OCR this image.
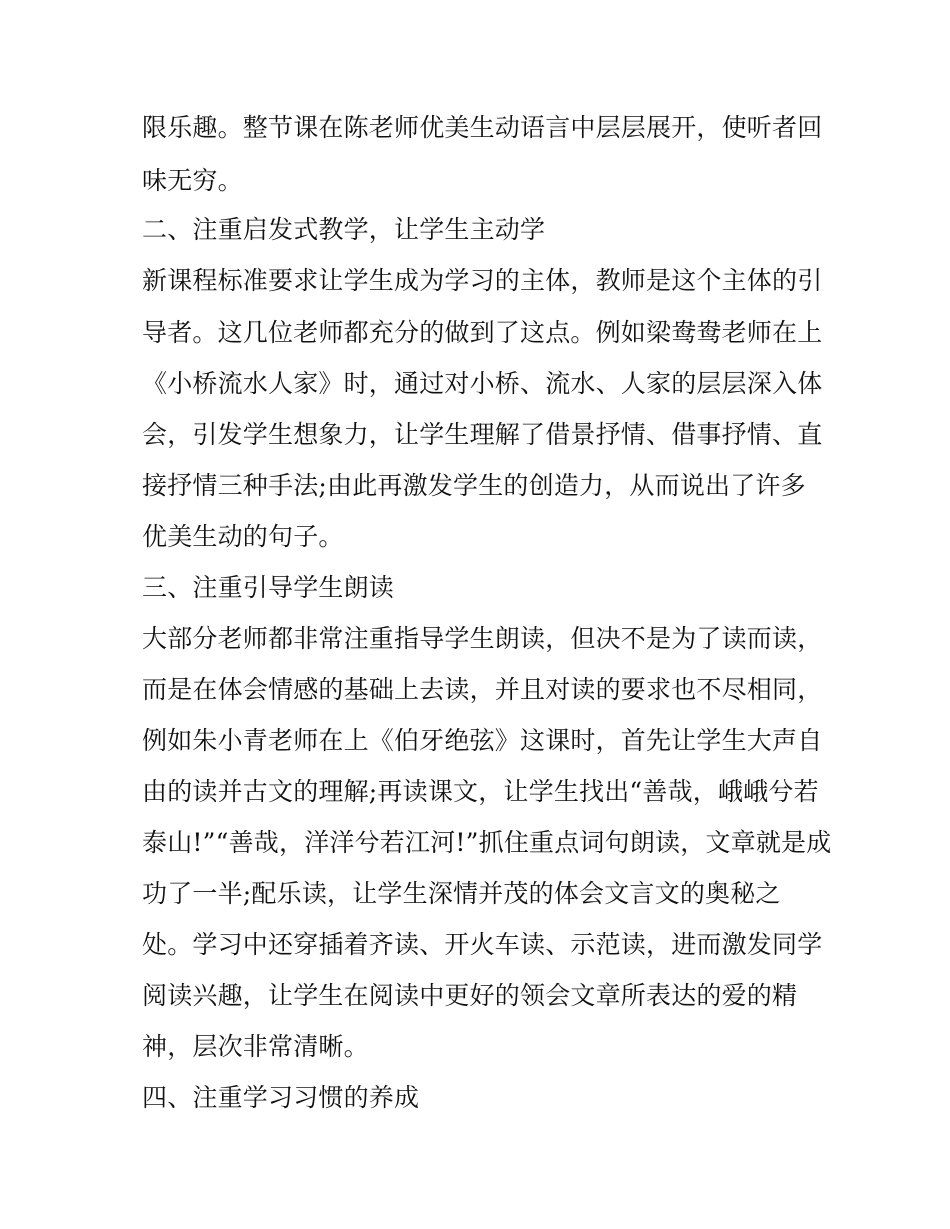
限乐趣。整节课在陈老师优美生动语言中层层展开，使听者回
味无穷。
二、注重启发式教学，让学生主动学
新课程标准要求让学生成为学习的主体，教师是这个主体的引
导者。这几位老师都充分的做到了这点。例如梁鸯鸯老师在上
《小桥流水人家》时，通过对小桥、流水、人家的层层深入体
会，引发学生想象力，让学生理解了借景抒情、借事抒情、直
接抒情三种手法;由此再激发学生的创造力，从而说出了许多
优美生动的句子。
三、注重引导学生朗读
大部分老师都非常注重指导学生朗读，但决不是为了读而读，
而是在体会情感的基础上去读，并且对读的要求也不尽相同，
例如朱小青老师在上《伯牙绝弦》这课时，首先让学生大声自
由的读并古文的理解;再读课文，让学生找出“善哉，峨峨兮若
泰山!”“善哉，洋洋兮若江河!”抓住重点词句朗读，文章就是成
功了一半;配乐读，让学生深情并茂的体会文言文的奥秘之
处。学习中还穿插着齐读、开火车读、示范读，进而激发同学
阅读兴趣，让学生在阅读中更好的领会文章所表达的爱的精
神，层次非常清晰。
四、注重学习习惯的养成
